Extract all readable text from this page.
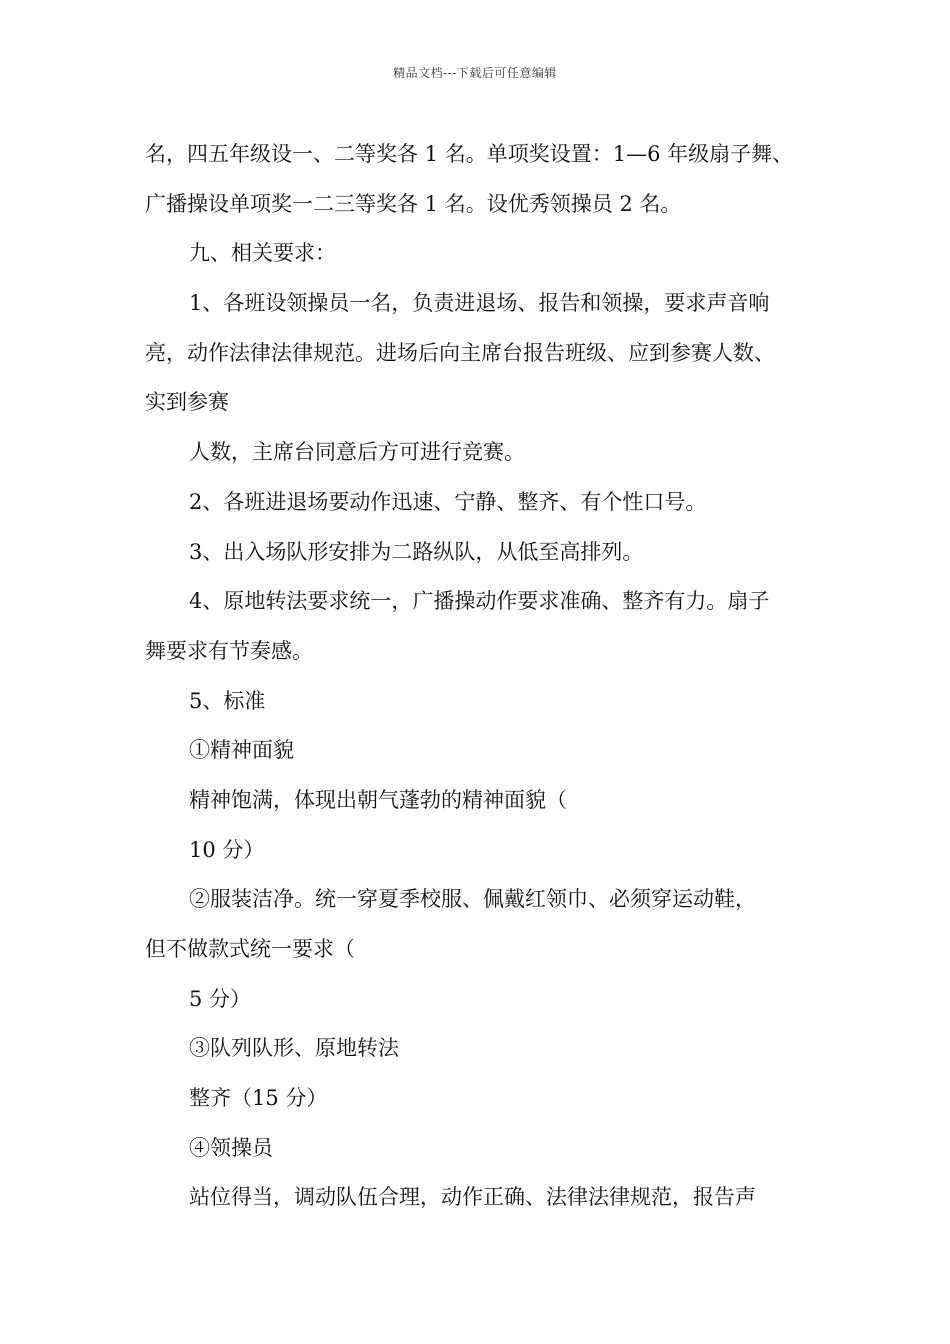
精品文档---下载后可任意编辑
名，四五年级设一、二等奖各 1 名。单项奖设置：1—6 年级扇子舞、
广播操设单项奖一二三等奖各 1 名。设优秀领操员 2 名。
九、相关要求：
1、各班设领操员一名，负责进退场、报告和领操，要求声音响
亮，动作法律法律规范。进场后向主席台报告班级、应到参赛人数、
实到参赛
人数，主席台同意后方可进行竞赛。
2、各班进退场要动作迅速、宁静、整齐、有个性口号。
3、出入场队形安排为二路纵队，从低至高排列。
4、原地转法要求统一，广播操动作要求准确、整齐有力。扇子
舞要求有节奏感。
5、标准
①精神面貌
精神饱满，体现出朝气蓬勃的精神面貌（
10 分）
②服装洁净。统一穿夏季校服、佩戴红领巾、必须穿运动鞋，
但不做款式统一要求（
5 分）
③队列队形、原地转法
整齐（15 分）
④领操员
站位得当，调动队伍合理，动作正确、法律法律规范，报告声
